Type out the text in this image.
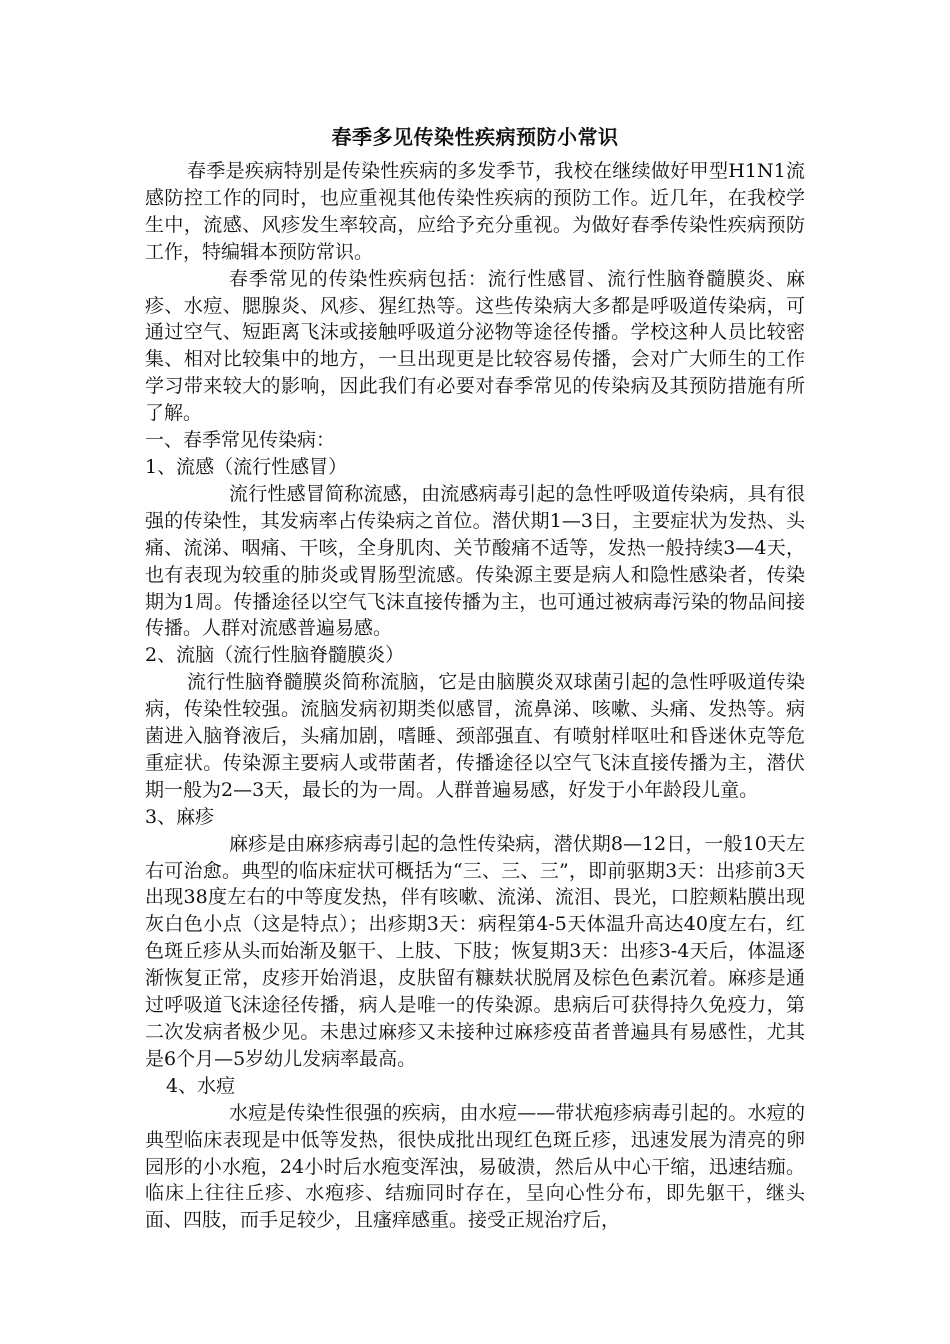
春季多见传染性疾病预防小常识

春季是疾病特别是传染性疾病的多发季节，我校在继续做好甲型H1N1流感防控工作的同时，也应重视其他传染性疾病的预防工作。近几年，在我校学生中，流感、风疹发生率较高，应给予充分重视。为做好春季传染性疾病预防工作，特编辑本预防常识。

春季常见的传染性疾病包括：流行性感冒、流行性脑脊髓膜炎、麻疹、水痘、腮腺炎、风疹、猩红热等。这些传染病大多都是呼吸道传染病，可通过空气、短距离飞沫或接触呼吸道分泌物等途径传播。学校这种人员比较密集、相对比较集中的地方，一旦出现更是比较容易传播，会对广大师生的工作学习带来较大的影响，因此我们有必要对春季常见的传染病及其预防措施有所了解。

一、春季常见传染病：

1、流感（流行性感冒）

流行性感冒简称流感，由流感病毒引起的急性呼吸道传染病，具有很强的传染性，其发病率占传染病之首位。潜伏期1—3日，主要症状为发热、头痛、流涕、咽痛、干咳，全身肌肉、关节酸痛不适等，发热一般持续3—4天，也有表现为较重的肺炎或胃肠型流感。传染源主要是病人和隐性感染者，传染期为1周。传播途径以空气飞沫直接传播为主，也可通过被病毒污染的物品间接传播。人群对流感普遍易感。

2、流脑（流行性脑脊髓膜炎）

流行性脑脊髓膜炎简称流脑，它是由脑膜炎双球菌引起的急性呼吸道传染病，传染性较强。流脑发病初期类似感冒，流鼻涕、咳嗽、头痛、发热等。病菌进入脑脊液后，头痛加剧，嗜睡、颈部强直、有喷射样呕吐和昏迷休克等危重症状。传染源主要病人或带菌者，传播途径以空气飞沫直接传播为主，潜伏期一般为2—3天，最长的为一周。人群普遍易感，好发于小年龄段儿童。

3、麻疹

麻疹是由麻疹病毒引起的急性传染病，潜伏期8—12日，一般10天左右可治愈。典型的临床症状可概括为“三、三、三”，即前驱期3天：出疹前3天出现38度左右的中等度发热，伴有咳嗽、流涕、流泪、畏光，口腔颊粘膜出现灰白色小点（这是特点）；出疹期3天：病程第4-5天体温升高达40度左右，红色斑丘疹从头而始渐及躯干、上肢、下肢；恢复期3天：出疹3-4天后，体温逐渐恢复正常，皮疹开始消退，皮肤留有糠麸状脱屑及棕色色素沉着。麻疹是通过呼吸道飞沫途径传播，病人是唯一的传染源。患病后可获得持久免疫力，第二次发病者极少见。未患过麻疹又未接种过麻疹疫苗者普遍具有易感性，尤其是6个月—5岁幼儿发病率最高。

4、水痘

水痘是传染性很强的疾病，由水痘——带状疱疹病毒引起的。水痘的典型临床表现是中低等发热，很快成批出现红色斑丘疹，迅速发展为清亮的卵园形的小水疱，24小时后水疱变浑浊，易破溃，然后从中心干缩，迅速结痂。临床上往往丘疹、水疱疹、结痂同时存在，呈向心性分布，即先躯干，继头面、四肢，而手足较少，且瘙痒感重。接受正规治疗后，
